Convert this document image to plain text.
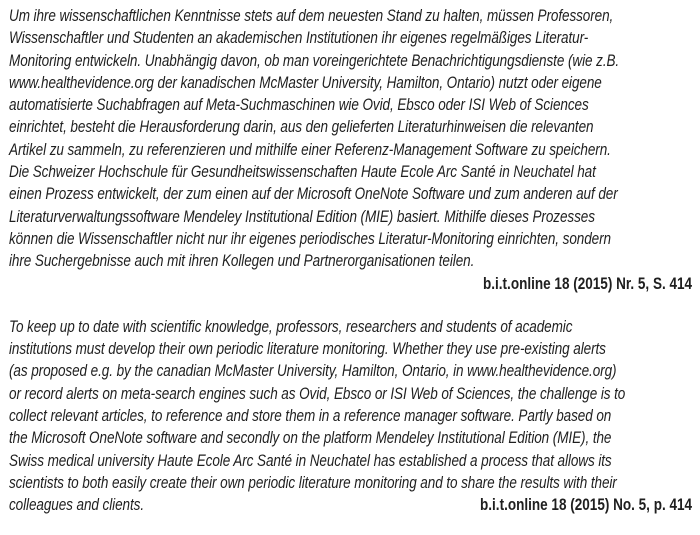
Um ihre wissenschaftlichen Kenntnisse stets auf dem neuesten Stand zu halten, müssen Professoren,
Wissenschaftler und Studenten an akademischen Institutionen ihr eigenes regelmäßiges Literatur-
Monitoring entwickeln. Unabhängig davon, ob man voreingerichtete Benachrichtigungsdienste (wie z.B.
www.healthevidence.org der kanadischen McMaster University, Hamilton, Ontario) nutzt oder eigene
automatisierte Suchabfragen auf Meta-Suchmaschinen wie Ovid, Ebsco oder ISI Web of Sciences
einrichtet, besteht die Herausforderung darin, aus den gelieferten Literaturhinweisen die relevanten
Artikel zu sammeln, zu referenzieren und mithilfe einer Referenz-Management Software zu speichern.
Die Schweizer Hochschule für Gesundheitswissenschaften Haute Ecole Arc Santé in Neuchatel hat
einen Prozess entwickelt, der zum einen auf der Microsoft OneNote Software und zum anderen auf der
Literaturverwaltungssoftware Mendeley Institutional Edition (MIE) basiert. Mithilfe dieses Prozesses
können die Wissenschaftler nicht nur ihr eigenes periodisches Literatur-Monitoring einrichten, sondern
ihre Suchergebnisse auch mit ihren Kollegen und Partnerorganisationen teilen.
b.i.t.online 18 (2015) Nr. 5, S. 414
To keep up to date with scientific knowledge, professors, researchers and students of academic
institutions must develop their own periodic literature monitoring. Whether they use pre-existing alerts
(as proposed e.g. by the canadian McMaster University, Hamilton, Ontario, in www.healthevidence.org)
or record alerts on meta-search engines such as Ovid, Ebsco or ISI Web of Sciences, the challenge is to
collect relevant articles, to reference and store them in a reference manager software. Partly based on
the Microsoft OneNote software and secondly on the platform Mendeley Institutional Edition (MIE), the
Swiss medical university Haute Ecole Arc Santé in Neuchatel has established a process that allows its
scientists to both easily create their own periodic literature monitoring and to share the results with their
colleagues and clients.	b.i.t.online 18 (2015) No. 5, p. 414
